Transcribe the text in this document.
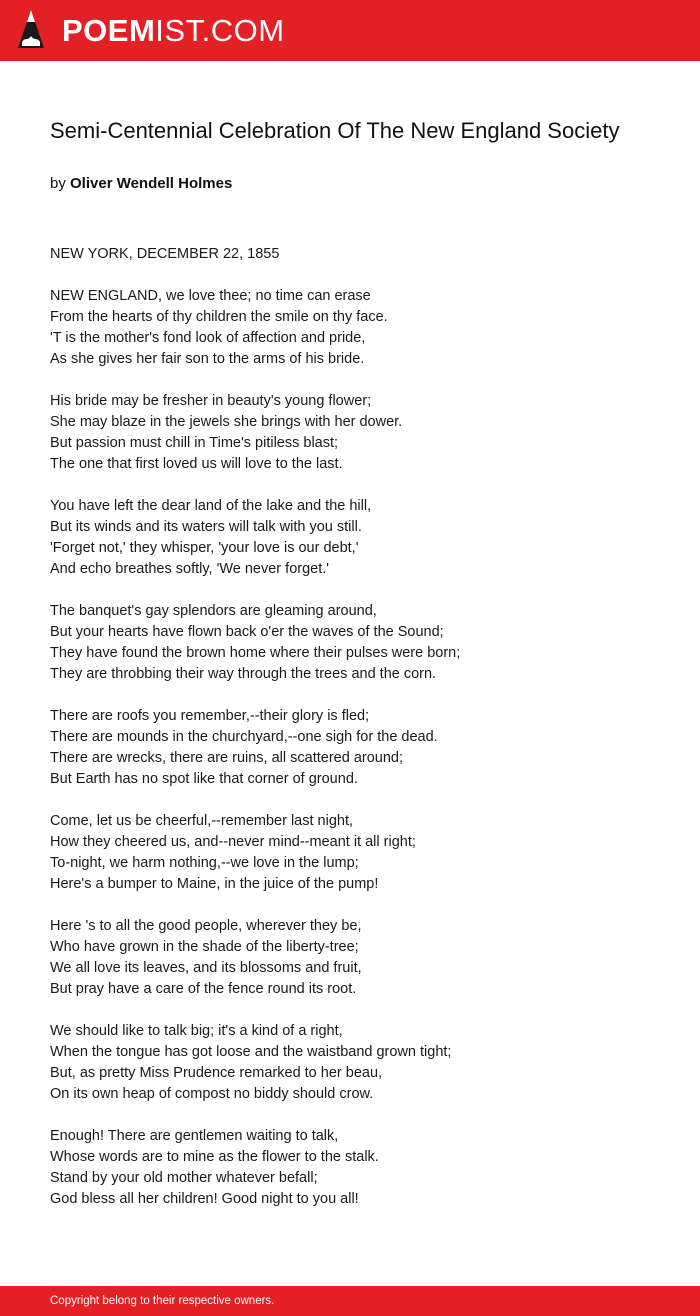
POEMIST.COM
Semi-Centennial Celebration Of The New England Society
by Oliver Wendell Holmes
NEW YORK, DECEMBER 22, 1855
NEW ENGLAND, we love thee; no time can erase
From the hearts of thy children the smile on thy face.
'T is the mother's fond look of affection and pride,
As she gives her fair son to the arms of his bride.
His bride may be fresher in beauty's young flower;
She may blaze in the jewels she brings with her dower.
But passion must chill in Time's pitiless blast;
The one that first loved us will love to the last.
You have left the dear land of the lake and the hill,
But its winds and its waters will talk with you still.
'Forget not,' they whisper, 'your love is our debt,'
And echo breathes softly, 'We never forget.'
The banquet's gay splendors are gleaming around,
But your hearts have flown back o'er the waves of the Sound;
They have found the brown home where their pulses were born;
They are throbbing their way through the trees and the corn.
There are roofs you remember,--their glory is fled;
There are mounds in the churchyard,--one sigh for the dead.
There are wrecks, there are ruins, all scattered around;
But Earth has no spot like that corner of ground.
Come, let us be cheerful,--remember last night,
How they cheered us, and--never mind--meant it all right;
To-night, we harm nothing,--we love in the lump;
Here's a bumper to Maine, in the juice of the pump!
Here 's to all the good people, wherever they be,
Who have grown in the shade of the liberty-tree;
We all love its leaves, and its blossoms and fruit,
But pray have a care of the fence round its root.
We should like to talk big; it's a kind of a right,
When the tongue has got loose and the waistband grown tight;
But, as pretty Miss Prudence remarked to her beau,
On its own heap of compost no biddy should crow.
Enough! There are gentlemen waiting to talk,
Whose words are to mine as the flower to the stalk.
Stand by your old mother whatever befall;
God bless all her children! Good night to you all!
Copyright belong to their respective owners.
